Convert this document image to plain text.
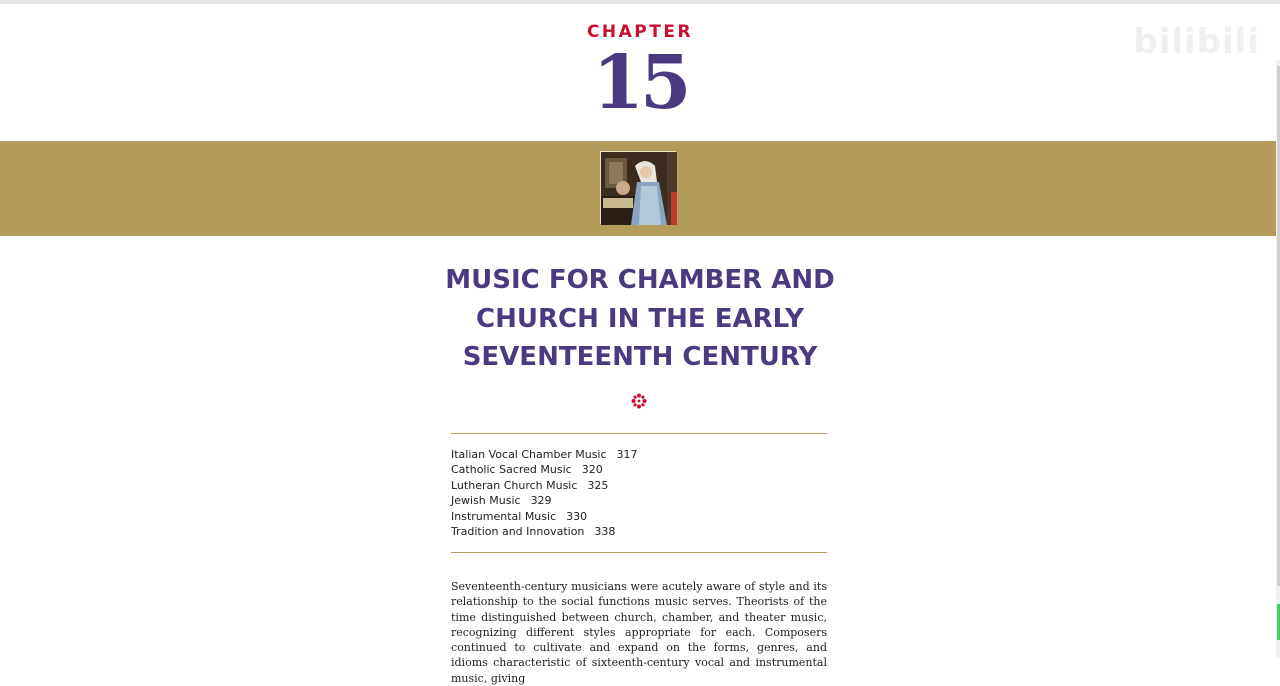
bilibili
CHAPTER
15
MUSIC FOR CHAMBER AND
CHURCH IN THE EARLY
SEVENTEENTH CENTURY
Italian Vocal Chamber Music 317
Catholic Sacred Music 320
Lutheran Church Music 325
Jewish Music 329
Instrumental Music 330
Tradition and Innovation 338

Seventeenth-century musicians were acutely aware of style and its relationship to the social functions music serves. Theorists of the time distinguished between church, chamber, and theater music, recognizing different styles appropriate for each. Composers continued to cultivate and expand on the forms, genres, and idioms characteristic of sixteenth-century vocal and instrumental music, giving
